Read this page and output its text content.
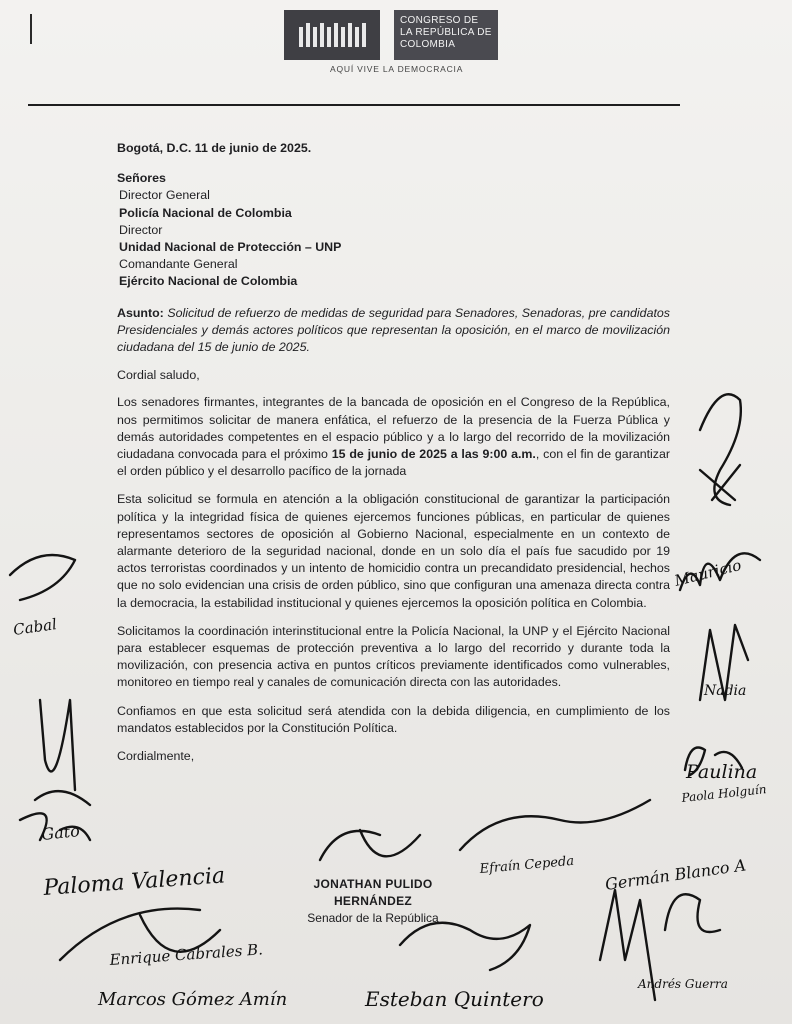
CONGRESO DE LA REPÚBLICA DE COLOMBIA
AQUÍ VIVE LA DEMOCRACIA

Bogotá, D.C. 11 de junio de 2025.

Señores

Director General

Policía Nacional de Colombia

Director

Unidad Nacional de Protección – UNP

Comandante General

Ejército Nacional de Colombia

Asunto: Solicitud de refuerzo de medidas de seguridad para Senadores, Senadoras, pre candidatos Presidenciales y demás actores políticos que representan la oposición, en el marco de movilización ciudadana del 15 de junio de 2025.

Cordial saludo,

Los senadores firmantes, integrantes de la bancada de oposición en el Congreso de la República, nos permitimos solicitar de manera enfática, el refuerzo de la presencia de la Fuerza Pública y demás autoridades competentes en el espacio público y a lo largo del recorrido de la movilización ciudadana convocada para el próximo 15 de junio de 2025 a las 9:00 a.m., con el fin de garantizar el orden público y el desarrollo pacífico de la jornada

Esta solicitud se formula en atención a la obligación constitucional de garantizar la participación política y la integridad física de quienes ejercemos funciones públicas, en particular de quienes representamos sectores de oposición al Gobierno Nacional, especialmente en un contexto de alarmante deterioro de la seguridad nacional, donde en un solo día el país fue sacudido por 19 actos terroristas coordinados y un intento de homicidio contra un precandidato presidencial, hechos que no solo evidencian una crisis de orden público, sino que configuran una amenaza directa contra la democracia, la estabilidad institucional y quienes ejercemos la oposición política en Colombia.

Solicitamos la coordinación interinstitucional entre la Policía Nacional, la UNP y el Ejército Nacional para establecer esquemas de protección preventiva a lo largo del recorrido y durante toda la movilización, con presencia activa en puntos críticos previamente identificados como vulnerables, monitoreo en tiempo real y canales de comunicación directa con las autoridades.

Confiamos en que esta solicitud será atendida con la debida diligencia, en cumplimiento de los mandatos establecidos por la Constitución Política.

Cordialmente,

JONATHAN PULIDO HERNÁNDEZ
Senador de la República
Cabal
Gato
Paloma Valencia
Enrique Cabrales B.
Marcos Gómez Amín	Esteban Quintero
Efraín Cepeda Germán Blanco A
Andrés Guerra
Paola Holguín
Nadia
Mauricio
Paulina
